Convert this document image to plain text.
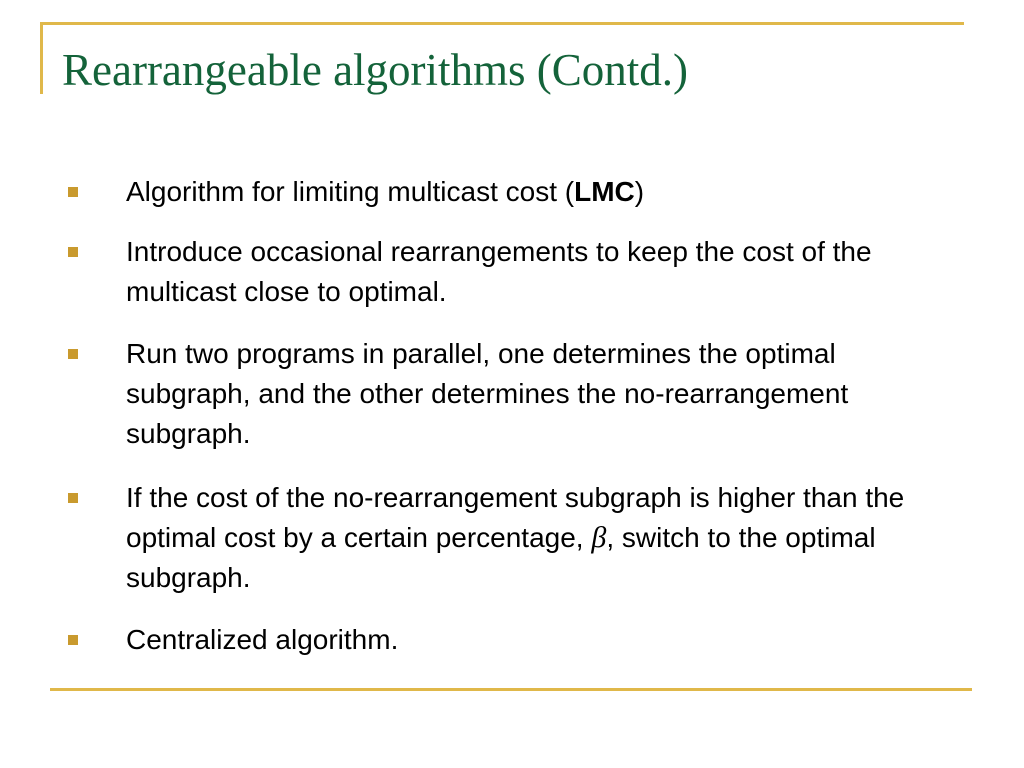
Rearrangeable algorithms (Contd.)
Algorithm for limiting multicast cost (LMC)
Introduce occasional rearrangements to keep the cost of the multicast close to optimal.
Run two programs in parallel, one determines the optimal subgraph, and the other determines the no-rearrangement subgraph.
If the cost of the no-rearrangement subgraph is higher than the optimal cost by a certain percentage, β, switch to the optimal subgraph.
Centralized algorithm.
